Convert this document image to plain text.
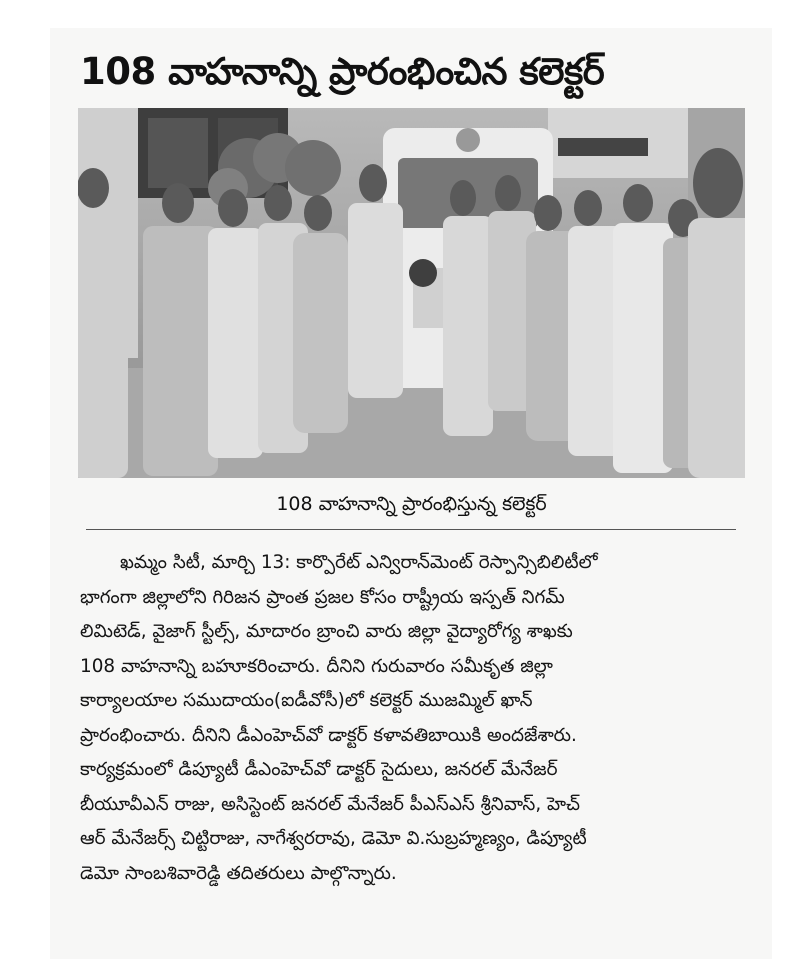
108 వాహనాన్ని ప్రారంభించిన కలెక్టర్

108 వాహనాన్ని ప్రారంభిస్తున్న కలెక్టర్

ఖమ్మం సిటీ, మార్చి 13: కార్పొరేట్ ఎన్విరాన్‌మెంట్ రెస్పాన్సిబిలిటీలో
భాగంగా జిల్లాలోని గిరిజన ప్రాంత ప్రజల కోసం రాష్ట్రీయ ఇస్పత్ నిగమ్
లిమిటెడ్, వైజాగ్ స్టీల్స్, మాదారం బ్రాంచి వారు జిల్లా వైద్యారోగ్య శాఖకు
108 వాహనాన్ని బహూకరించారు. దీనిని గురువారం సమీకృత జిల్లా
కార్యాలయాల సముదాయం(ఐడీవోసీ)లో కలెక్టర్ ముజమ్మిల్ ఖాన్
ప్రారంభించారు. దీనిని డీఎంహెచ్‌వో డాక్టర్ కళావతిబాయికి అందజేశారు.
కార్యక్రమంలో డిప్యూటీ డీఎంహెచ్‌వో డాక్టర్ సైదులు, జనరల్ మేనేజర్
బీయూవీఎన్ రాజు, అసిస్టెంట్ జనరల్ మేనేజర్ పీఎస్ఎస్ శ్రీనివాస్, హెచ్
ఆర్ మేనేజర్స్ చిట్టిరాజు, నాగేశ్వరరావు, డెమో వి.సుబ్రహ్మణ్యం, డిప్యూటీ
డెమో సాంబశివారెడ్డి తదితరులు పాల్గొన్నారు.
